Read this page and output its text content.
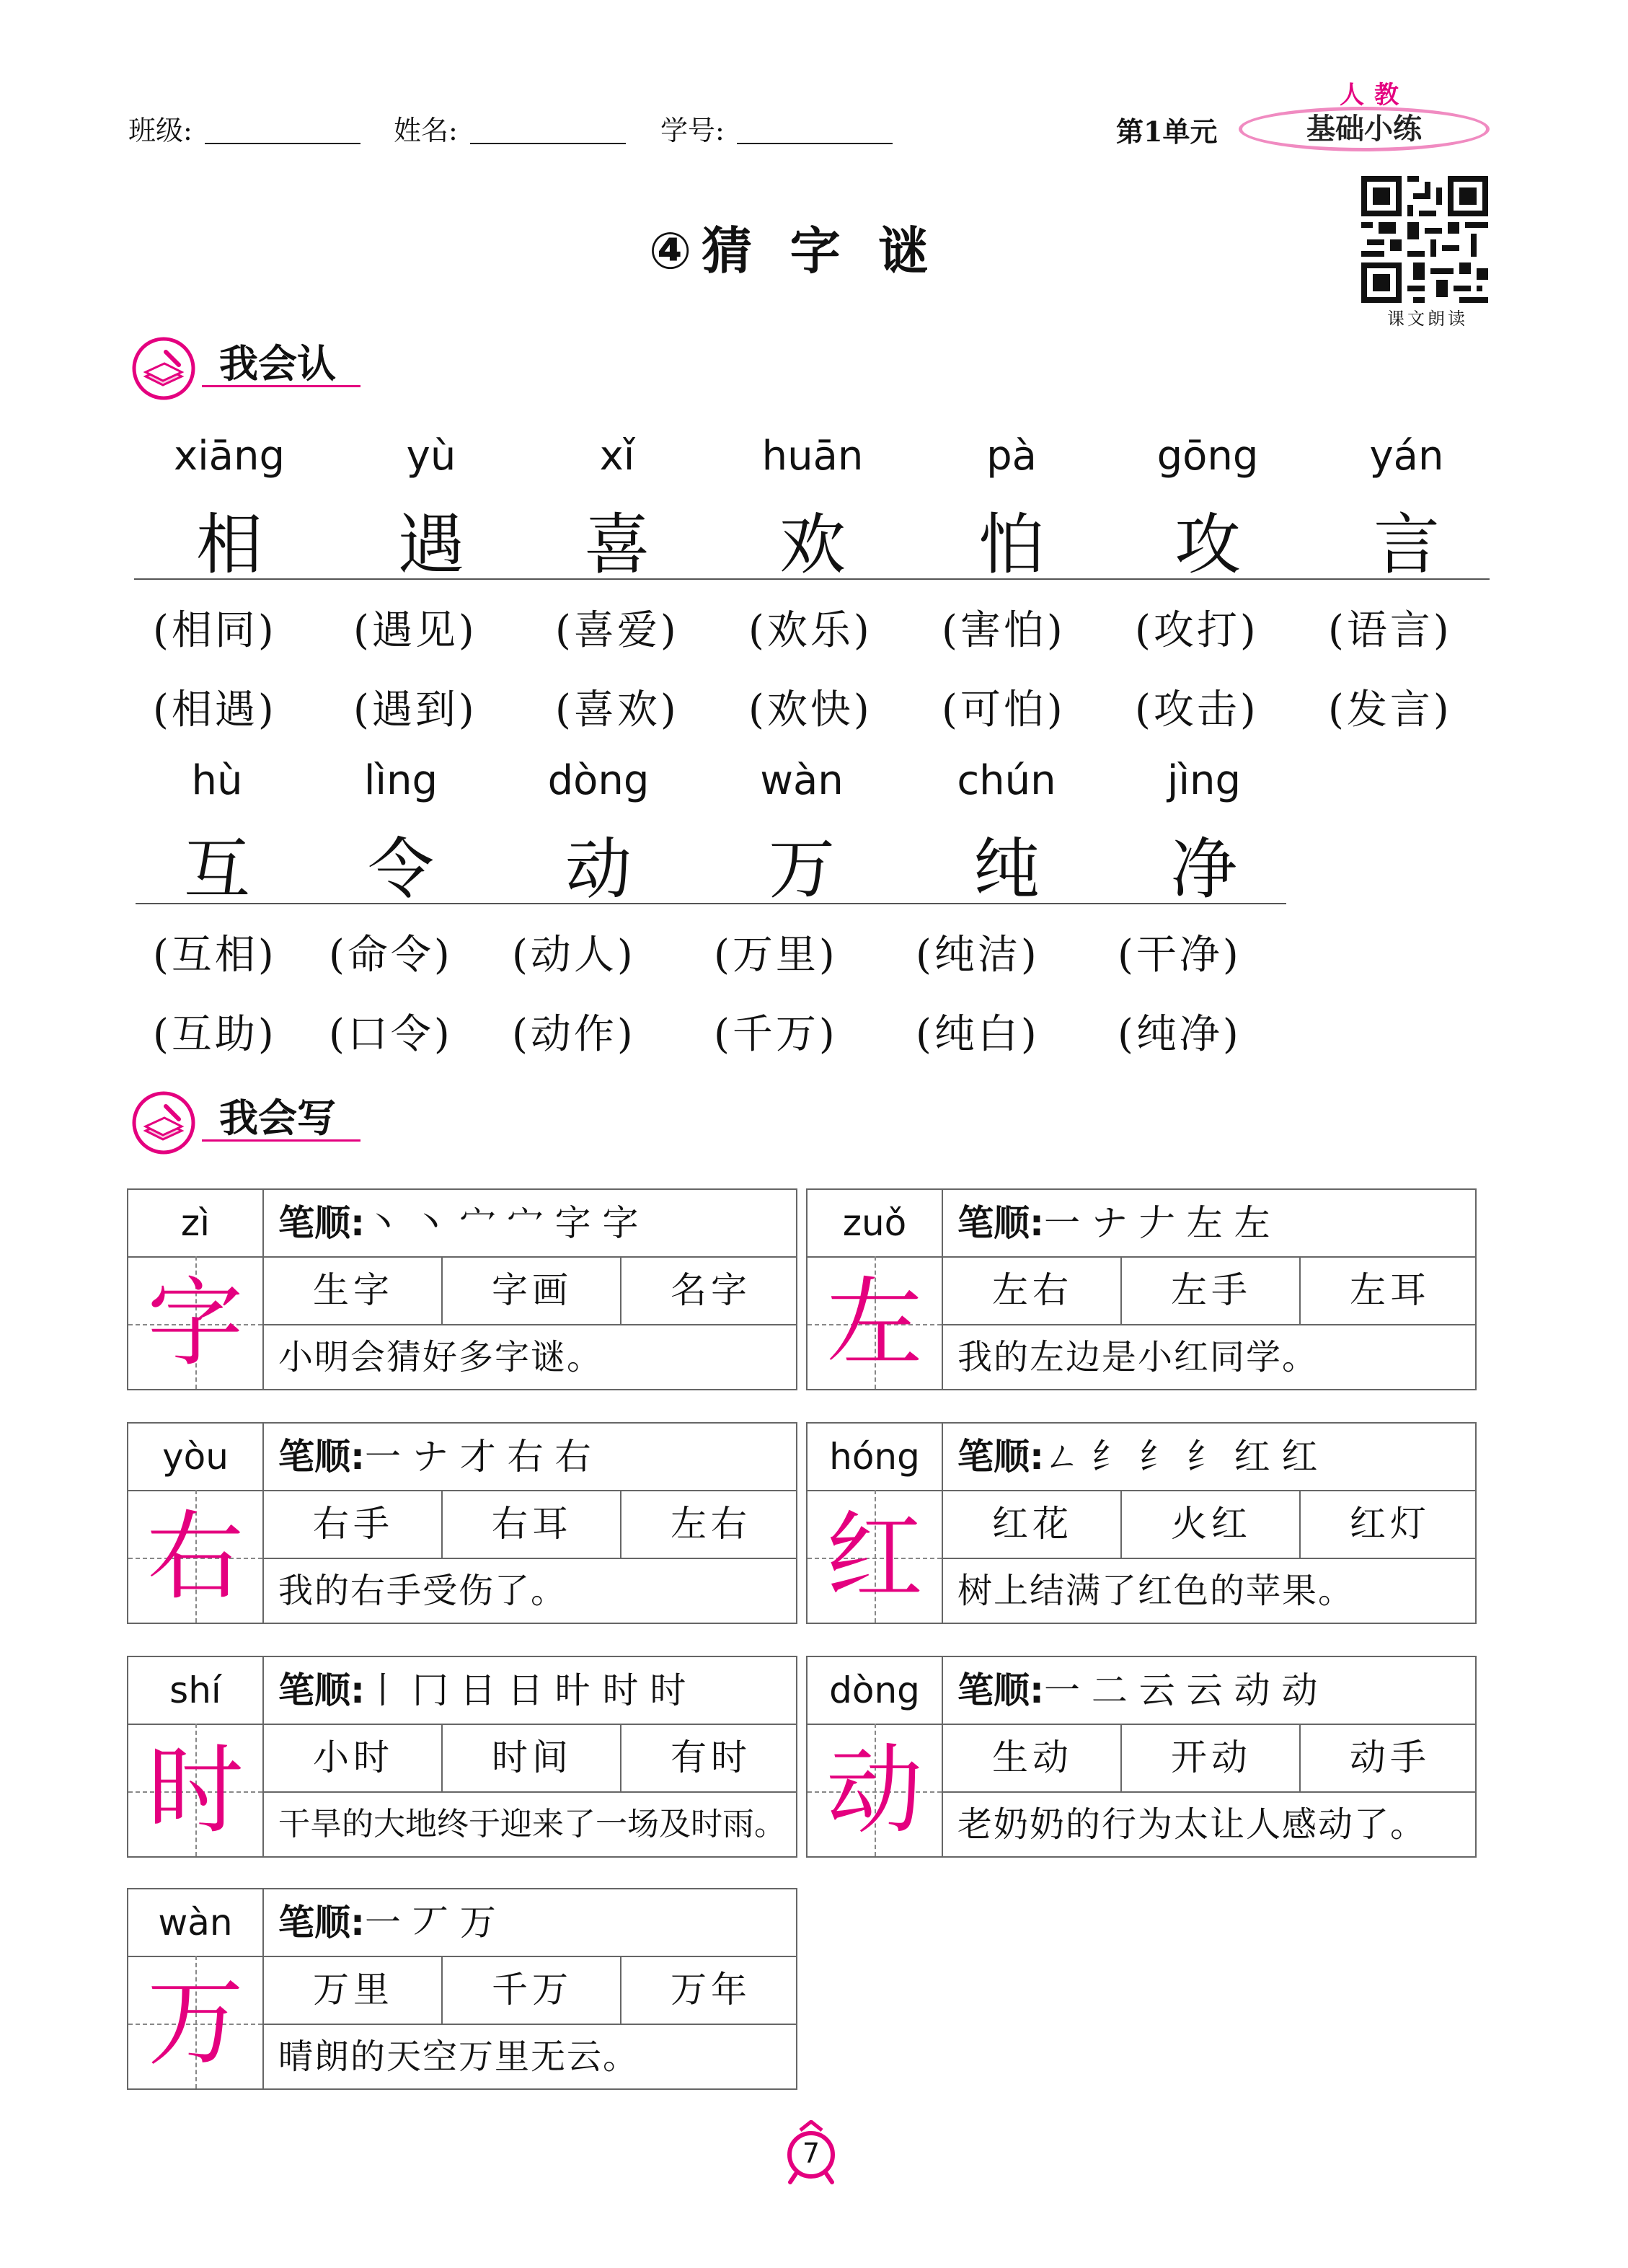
班级:	姓名:	学号:	第1单元
人教
基础小练
课文朗读
④猜 字 谜
我会认
xiāng	yù	xǐ	huān	pà	gōng	yán
相	遇	喜	欢	怕	攻	言
(相同) (遇见) (喜爱) (欢乐) (害怕) (攻打) (语言)
(相遇) (遇到) (喜欢) (欢快) (可怕) (攻击) (发言)
hù	lìng	dòng	wàn	chún	jìng
互	令	动	万	纯	净
(互相) (命令) (动人) (万里) (纯洁) (干净)
(互助) (口令) (动作) (千万) (纯白) (纯净)
我会写
zì
字
笔顺:丶 丶 宀 宀 字 字
生字	字画	名字
小明会猜好多字谜。
zuǒ
左
笔顺:一 ナ 𠂇 左 左
左右	左手	左耳
我的左边是小红同学。
yòu
右
笔顺:一 ナ 才 右 右
右手	右耳	左右
我的右手受伤了。
hóng
红
笔顺:ㄥ 纟 纟 纟 红 红
红花	火红	红灯
树上结满了红色的苹果。
shí
时
笔顺:丨 冂 日 日 旪 时 时
小时	时间	有时
干旱的大地终于迎来了一场及时雨。
dòng
动
笔顺:一 二 云 云 动 动
生动	开动	动手
老奶奶的行为太让人感动了。
wàn
万
笔顺:一 丆 万
万里	千万	万年
晴朗的天空万里无云。
7
